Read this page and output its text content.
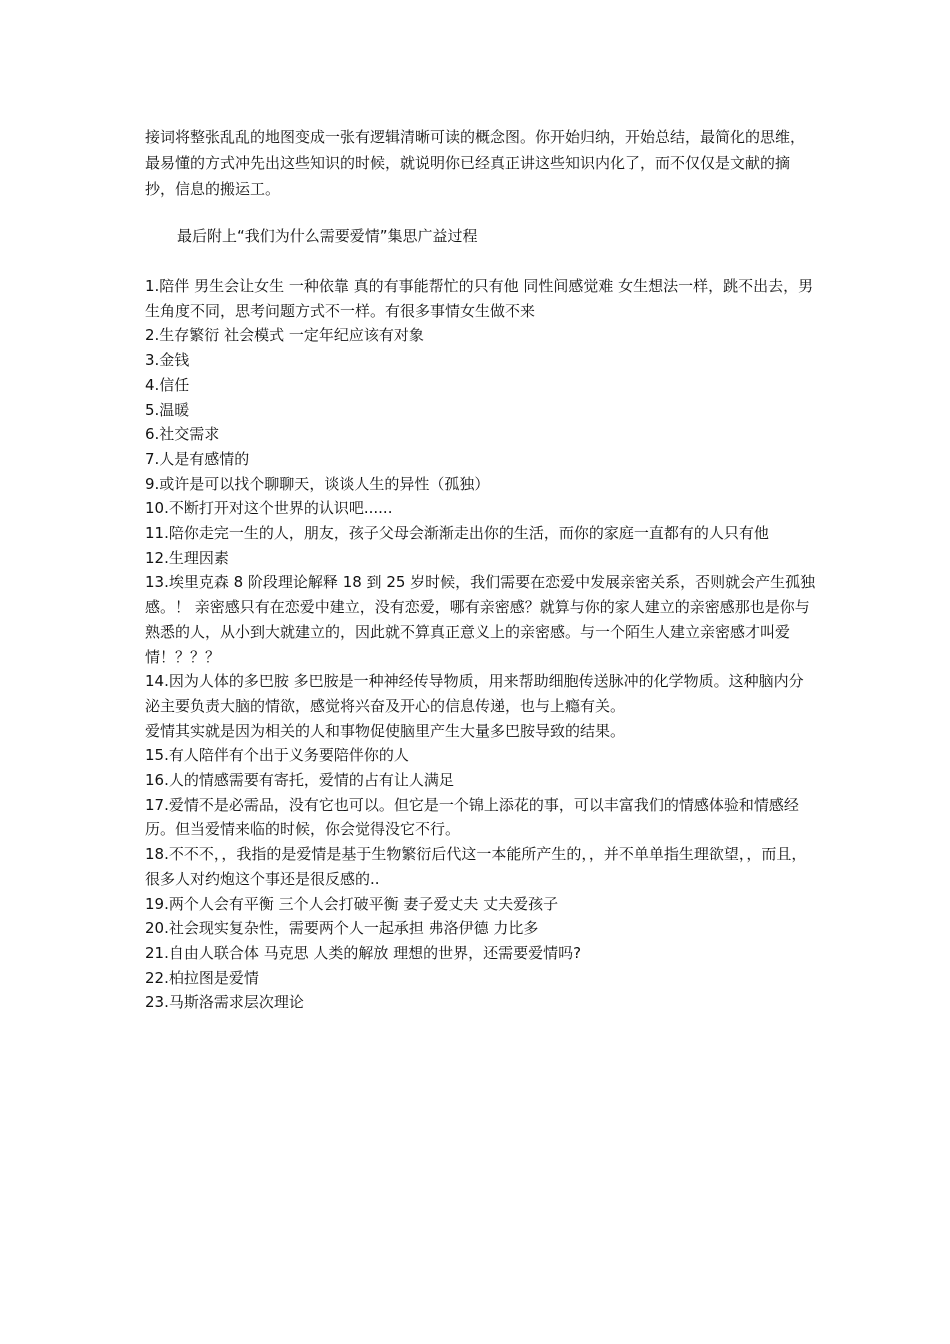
接词将整张乱乱的地图变成一张有逻辑清晰可读的概念图。你开始归纳，开始总结，最简化的思维，最易懂的方式冲先出这些知识的时候，就说明你已经真正讲这些知识内化了，而不仅仅是文献的摘抄，信息的搬运工。

最后附上“我们为什么需要爱情”集思广益过程

1.陪伴 男生会让女生 一种依靠 真的有事能帮忙的只有他 同性间感觉难 女生想法一样，跳不出去，男生角度不同，思考问题方式不一样。有很多事情女生做不来
2.生存繁衍 社会模式 一定年纪应该有对象
3.金钱
4.信任
5.温暖
6.社交需求
7.人是有感情的
9.或许是可以找个聊聊天，谈谈人生的异性（孤独）
10.不断打开对这个世界的认识吧......
11.陪你走完一生的人，朋友，孩子父母会渐渐走出你的生活，而你的家庭一直都有的人只有他
12.生理因素
13.埃里克森 8 阶段理论解释 18 到 25 岁时候，我们需要在恋爱中发展亲密关系，否则就会产生孤独感。！ 亲密感只有在恋爱中建立，没有恋爱，哪有亲密感？就算与你的家人建立的亲密感那也是你与熟悉的人，从小到大就建立的，因此就不算真正意义上的亲密感。与一个陌生人建立亲密感才叫爱情！？？？
14.因为人体的多巴胺 多巴胺是一种神经传导物质，用来帮助细胞传送脉冲的化学物质。这种脑内分泌主要负责大脑的情欲，感觉将兴奋及开心的信息传递，也与上瘾有关。
爱情其实就是因为相关的人和事物促使脑里产生大量多巴胺导致的结果。
15.有人陪伴有个出于义务要陪伴你的人
16.人的情感需要有寄托，爱情的占有让人满足
17.爱情不是必需品，没有它也可以。但它是一个锦上添花的事，可以丰富我们的情感体验和情感经历。但当爱情来临的时候，你会觉得没它不行。
18.不不不，，我指的是爱情是基于生物繁衍后代这一本能所产生的，，并不单单指生理欲望，，而且，很多人对约炮这个事还是很反感的..
19.两个人会有平衡 三个人会打破平衡 妻子爱丈夫 丈夫爱孩子
20.社会现实复杂性，需要两个人一起承担 弗洛伊德 力比多
21.自由人联合体 马克思 人类的解放 理想的世界，还需要爱情吗?
22.柏拉图是爱情
23.马斯洛需求层次理论
